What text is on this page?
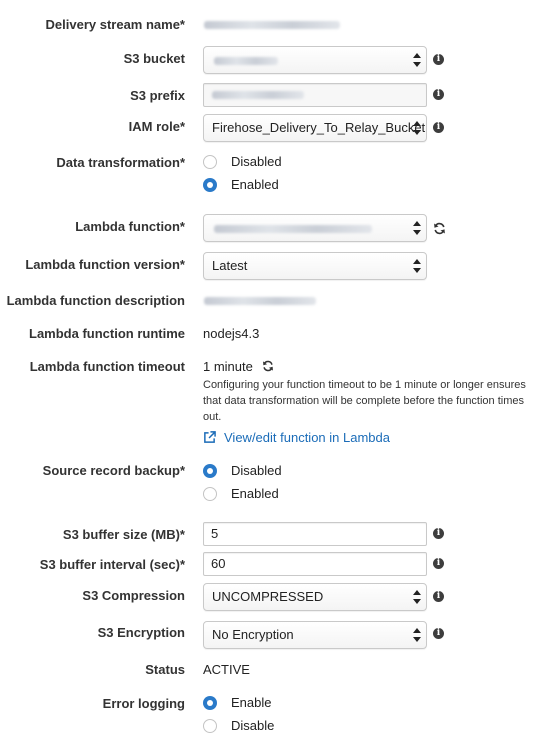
Delivery stream name*
S3 bucket	i
S3 prefix	i
IAM role*	Firehose_Delivery_To_Relay_Bucket	i
Data transformation*	Disabled
Enabled
Lambda function*
Lambda function version*	Latest
Lambda function description
Lambda function runtime nodejs4.3
Lambda function timeout 1 minute
Configuring your function timeout to be 1 minute or longer ensures that data transformation will be complete before the function times out.
View/edit function in Lambda
Source record backup*	Disabled
Enabled
S3 buffer size (MB)*	5	i
S3 buffer interval (sec)*	60	i
S3 Compression	UNCOMPRESSED	i
S3 Encryption	No Encryption	i
Status ACTIVE
Error logging	Enable
Disable
